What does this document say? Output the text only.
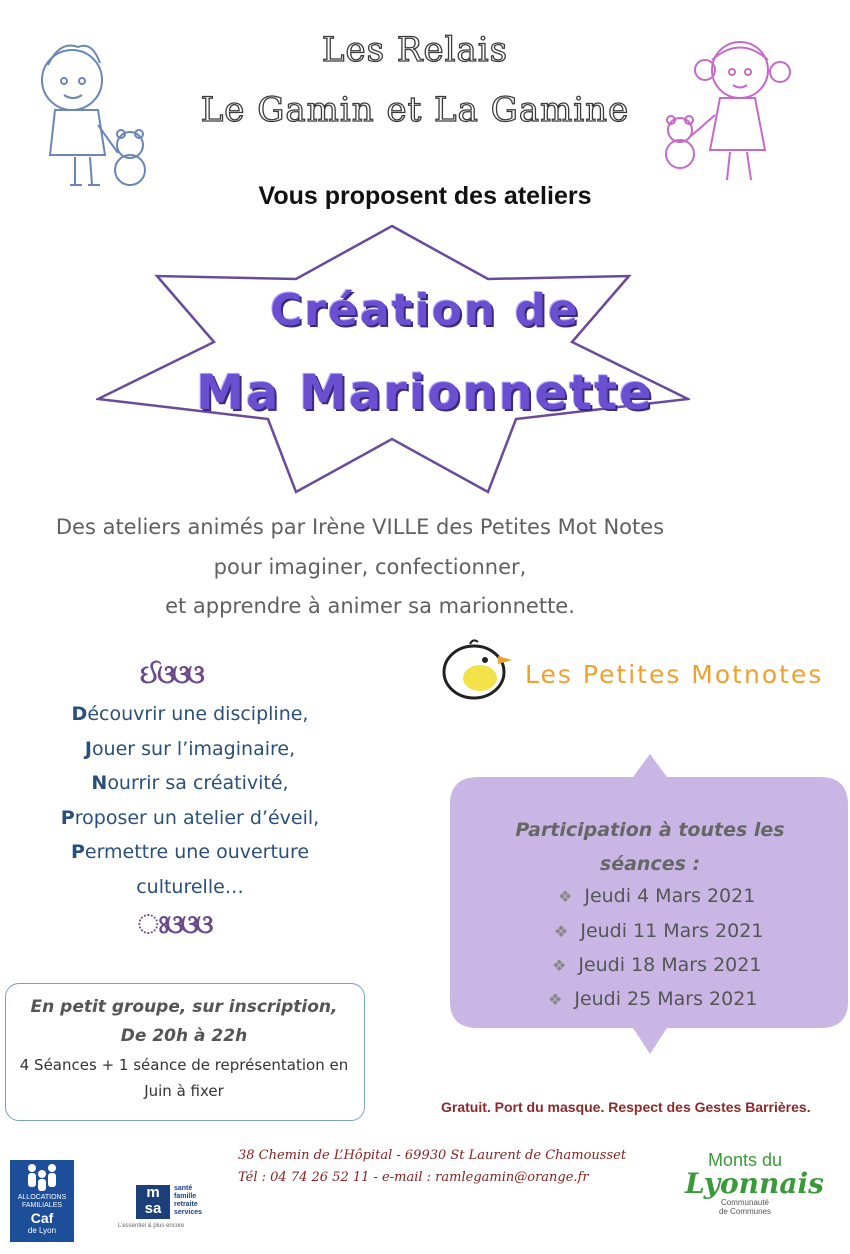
Les Relais
Le Gamin et La Gamine
Vous proposent des ateliers
Création de
Ma Marionnette
Des ateliers animés par Irène VILLE des Petites Mot Notes
pour imaginer, confectionner,
et apprendre à animer sa marionnette.
ઈଓଓଓ
ଃଓଓଓ
Découvrir une discipline,
Jouer sur l’imaginaire,
Nourrir sa créativité,
Proposer un atelier d’éveil,
Permettre une ouverture
culturelle…
Les Petites Motnotes
Participation à toutes les
séances :
❖ Jeudi 4 Mars 2021
❖ Jeudi 11 Mars 2021
❖ Jeudi 18 Mars 2021
❖ Jeudi 25 Mars 2021
En petit groupe, sur inscription,
De 20h à 22h
4 Séances + 1 séance de représentation en
Juin à fixer
Gratuit. Port du masque. Respect des Gestes Barrières.
38 Chemin de L’Hôpital - 69930 St Laurent de Chamousset
Tél : 04 74 26 52 11 - e-mail : ramlegamin@orange.fr
ALLOCATIONS
FAMILIALES
Caf
de Lyon
m
sa
santé
famille
retraite
services
L’essentiel & plus encore
Monts du
Lyonnais
Communauté
de Communes
